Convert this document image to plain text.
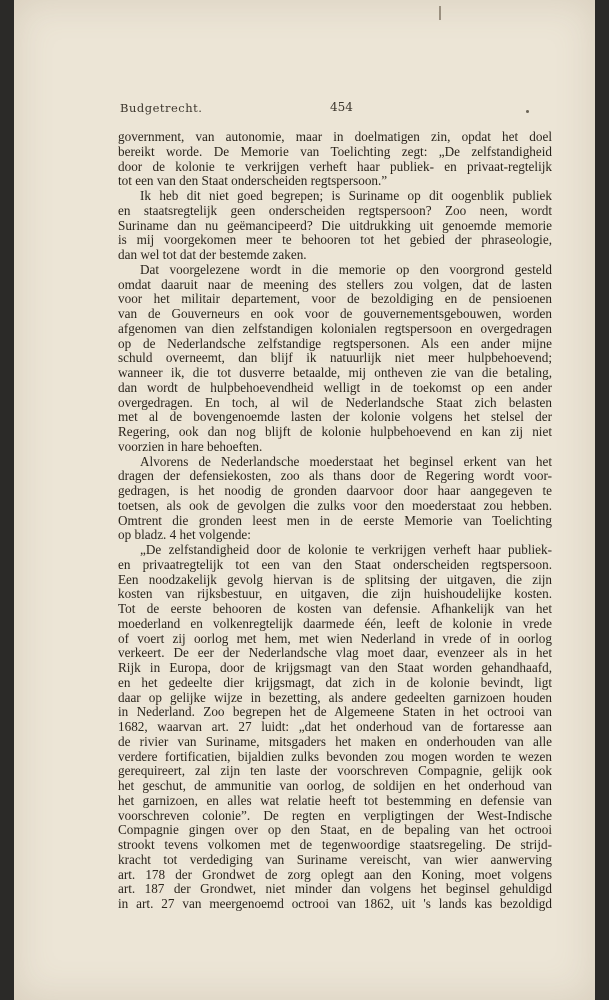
Budgetrecht.	454
government, van autonomie, maar in doelmatigen zin, opdat het doel
bereikt worde. De Memorie van Toelichting zegt: „De zelfstandigheid
door de kolonie te verkrijgen verheft haar publiek- en privaat-regtelijk
tot een van den Staat onderscheiden regtspersoon.”
Ik heb dit niet goed begrepen; is Suriname op dit oogenblik publiek
en staatsregtelijk geen onderscheiden regtspersoon? Zoo neen, wordt
Suriname dan nu geëmancipeerd? Die uitdrukking uit genoemde memorie
is mij voorgekomen meer te behooren tot het gebied der phraseologie,
dan wel tot dat der bestemde zaken.
Dat voorgelezene wordt in die memorie op den voorgrond gesteld
omdat daaruit naar de meening des stellers zou volgen, dat de lasten
voor het militair departement, voor de bezoldiging en de pensioenen
van de Gouverneurs en ook voor de gouvernementsgebouwen, worden
afgenomen van dien zelfstandigen kolonialen regtspersoon en overgedragen
op de Nederlandsche zelfstandige regtspersonen. Als een ander mijne
schuld overneemt, dan blijf ik natuurlijk niet meer hulpbehoevend;
wanneer ik, die tot dusverre betaalde, mij ontheven zie van die betaling,
dan wordt de hulpbehoevendheid welligt in de toekomst op een ander
overgedragen. En toch, al wil de Nederlandsche Staat zich belasten
met al de bovengenoemde lasten der kolonie volgens het stelsel der
Regering, ook dan nog blijft de kolonie hulpbehoevend en kan zij niet
voorzien in hare behoeften.
Alvorens de Nederlandsche moederstaat het beginsel erkent van het
dragen der defensiekosten, zoo als thans door de Regering wordt voor-
gedragen, is het noodig de gronden daarvoor door haar aangegeven te
toetsen, als ook de gevolgen die zulks voor den moederstaat zou hebben.
Omtrent die gronden leest men in de eerste Memorie van Toelichting
op bladz. 4 het volgende:
„De zelfstandigheid door de kolonie te verkrijgen verheft haar publiek-
en privaatregtelijk tot een van den Staat onderscheiden regtspersoon.
Een noodzakelijk gevolg hiervan is de splitsing der uitgaven, die zijn
kosten van rijksbestuur, en uitgaven, die zijn huishoudelijke kosten.
Tot de eerste behooren de kosten van defensie. Afhankelijk van het
moederland en volkenregtelijk daarmede één, leeft de kolonie in vrede
of voert zij oorlog met hem, met wien Nederland in vrede of in oorlog
verkeert. De eer der Nederlandsche vlag moet daar, evenzeer als in het
Rijk in Europa, door de krijgsmagt van den Staat worden gehandhaafd,
en het gedeelte dier krijgsmagt, dat zich in de kolonie bevindt, ligt
daar op gelijke wijze in bezetting, als andere gedeelten garnizoen houden
in Nederland. Zoo begrepen het de Algemeene Staten in het octrooi van
1682, waarvan art. 27 luidt: „dat het onderhoud van de fortaresse aan
de rivier van Suriname, mitsgaders het maken en onderhouden van alle
verdere fortificatien, bijaldien zulks bevonden zou mogen worden te wezen
gerequireert, zal zijn ten laste der voorschreven Compagnie, gelijk ook
het geschut, de ammunitie van oorlog, de soldijen en het onderhoud van
het garnizoen, en alles wat relatie heeft tot bestemming en defensie van
voorschreven colonie”. De regten en verpligtingen der West-Indische
Compagnie gingen over op den Staat, en de bepaling van het octrooi
strookt tevens volkomen met de tegenwoordige staatsregeling. De strijd-
kracht tot verdediging van Suriname vereischt, van wier aanwerving
art. 178 der Grondwet de zorg oplegt aan den Koning, moet volgens
art. 187 der Grondwet, niet minder dan volgens het beginsel gehuldigd
in art. 27 van meergenoemd octrooi van 1862, uit 's lands kas bezoldigd
